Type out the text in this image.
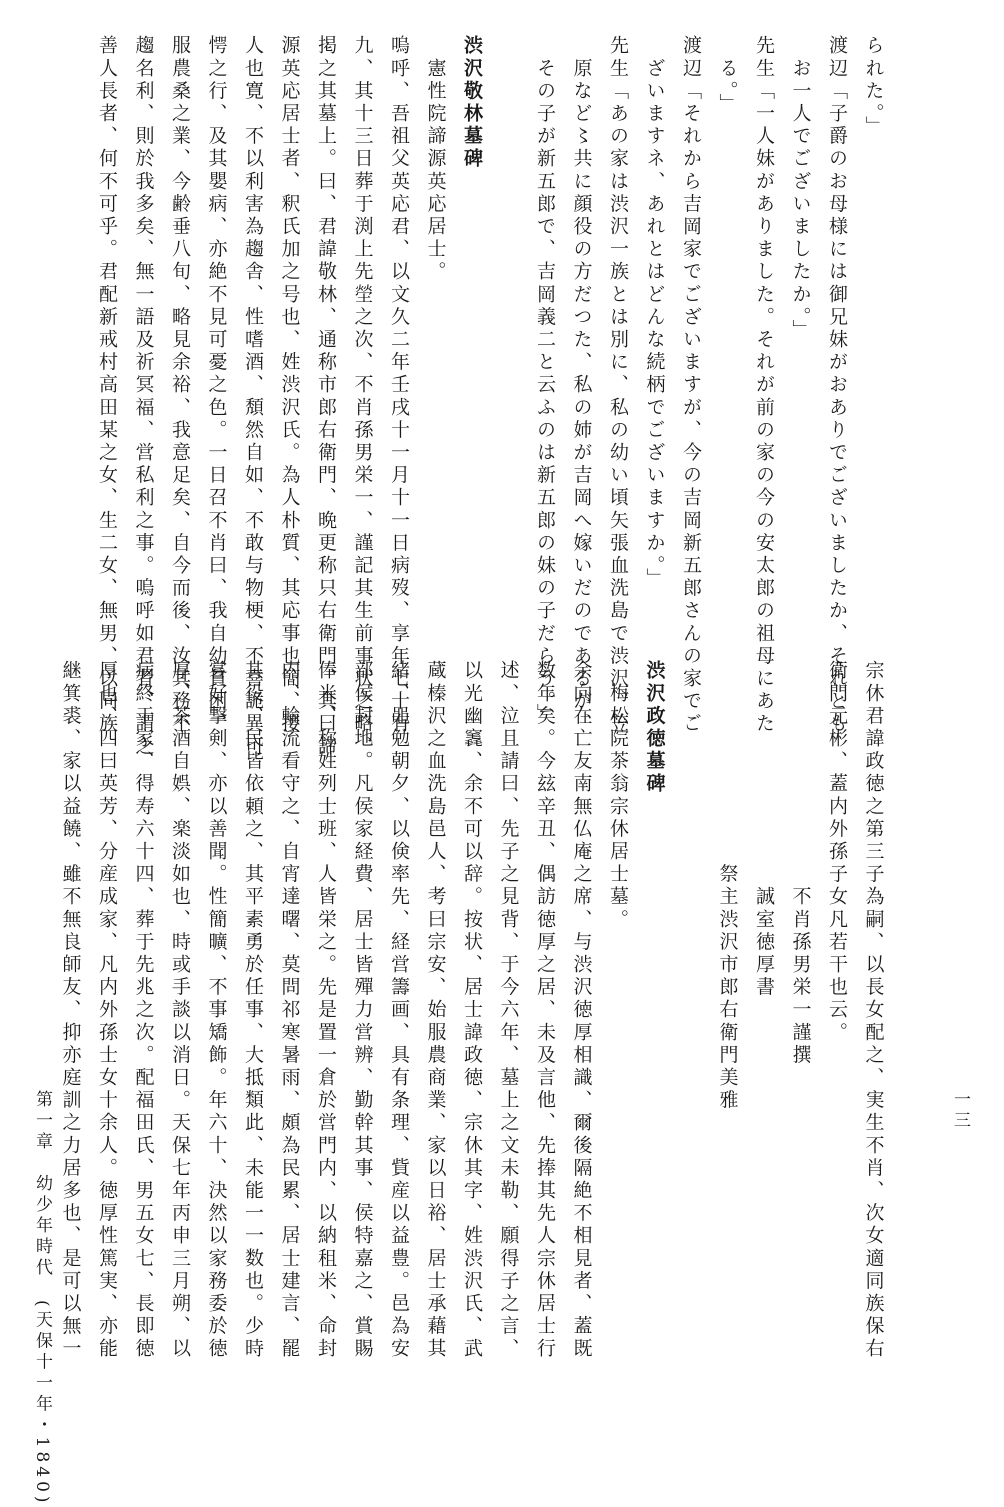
られた。」
渡辺「子爵のお母様には御兄妹がおありでございましたか、それとも
　お一人でございましたか。」
先生「一人妹がありました。それが前の家の今の安太郎の祖母にあた
　る。」
渡辺「それから吉岡家でございますが、今の吉岡新五郎さんの家でご
　ざいますネ、あれとはどんな続柄でございますか。」
先生「あの家は渋沢一族とは別に、私の幼い頃矢張血洗島で渋沢、笠
　原など〻共に顔役の方だつた、私の姉が吉岡へ嫁いだのであるが、
　その子が新五郎で、吉岡義二と云ふのは新五郎の妹の子だらう。」
渋沢敬林墓碑
　憲性院諦源英応居士。
嗚呼、吾祖父英応君、以文久二年壬戌十一月十一日病歿、享年七十有
九、其十三日葬于渕上先塋之次、不肖孫男栄一、謹記其生前事状之略、
掲之其墓上。曰、君諱敬林、通称市郎右衛門、晩更称只右衛門、其曰諦
源英応居士者、釈氏加之号也、姓渋沢氏。為人朴質、其応事也簡、接
人也寛、不以利害為趨舎、性嗜酒、頽然自如、不敢与物梗、不喜詭異可
愕之行、及其嬰病、亦絶不見可憂之色。一日召不肖曰、我自幼貧困、
服農桑之業、今齢垂八旬、略見余裕、我意足矣、自今而後、汝其務不
趨名利、則於我多矣、無一語及祈冥福、営私利之事。嗚呼如君者、謂之
善人長者、何不可乎。君配新戒村高田某之女、生二女、無男、以同族
宗休君諱政徳之第三子為嗣、以長女配之、実生不肖、次女適同族保右
衛門元彬、蓋内外孫子女凡若干也云。
　　　　　　　　　　不肖孫男栄一謹撰
　　　　　　　　　　誠室徳厚書
　　　　　　　　　祭主渋沢市郎右衛門美雅
渋沢政徳墓碑
　梅松院茶翁宗休居士墓。
余向在亡友南無仏庵之席、与渋沢徳厚相識、爾後隔絶不相見者、蓋既
数年矣。今玆辛丑、偶訪徳厚之居、未及言他、先捧其先人宗休居士行
述、泣且請曰、先子之見背、于今六年、墓上之文未勒、願得子之言、
以光幽竁、余不可以辞。按状、居士諱政徳、宗休其字、姓渋沢氏、武
蔵榛沢之血洗島邑人、考曰宗安、始服農商業、家以日裕、居士承藉其
緒、黽勉朝夕、以倹率先、経営籌画、具有条理、貲産以益豊。邑為安
部侯封地。凡侯家経費、居士皆殫力営辨、勤幹其事、侯特嘉之、賞賜
俸米、称姓列士班、人皆栄之。先是置一倉於営門内、以納租米、命封
内、輪流看守之、自宵達曙、莫問祁寒暑雨、頗為民累、居士建言、罷
其役、民皆依頼之、其平素勇於任事、大抵類此、未能一一数也。少時
嘗好撃剣、亦以善聞。性簡曠、不事矯飾。年六十、決然以家務委於徳
厚、茶酒自娯、楽淡如也、時或手談以消日。天保七年丙申三月朔、以
病終于家、得寿六十四、葬于先兆之次。配福田氏、男五女七、長即徳
厚也、四曰英芳、分産成家、凡内外孫士女十余人。徳厚性篤実、亦能
継箕裘、家以益饒、雖不無良師友、抑亦庭訓之力居多也、是可以無一
第一章　幼少年時代　(天保十一年・1840)	一三
